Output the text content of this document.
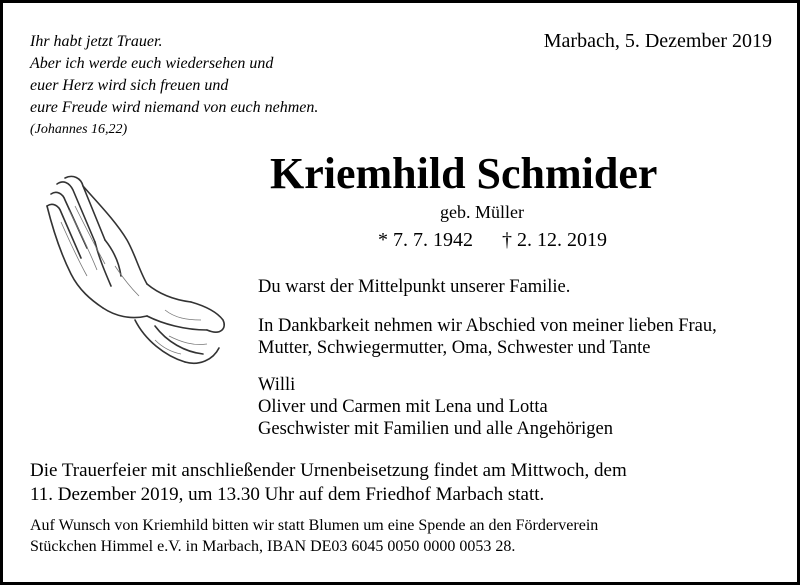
Ihr habt jetzt Trauer.
Aber ich werde euch wiedersehen und
euer Herz wird sich freuen und
eure Freude wird niemand von euch nehmen.
(Johannes 16,22)
Marbach, 5. Dezember 2019
Kriemhild Schmider
geb. Müller
* 7. 7. 1942 † 2. 12. 2019
Du warst der Mittelpunkt unserer Familie.
In Dankbarkeit nehmen wir Abschied von meiner lieben Frau,
Mutter, Schwiegermutter, Oma, Schwester und Tante
Willi
Oliver und Carmen mit Lena und Lotta
Geschwister mit Familien und alle Angehörigen
Die Trauerfeier mit anschließender Urnenbeisetzung findet am Mittwoch, dem
11. Dezember 2019, um 13.30 Uhr auf dem Friedhof Marbach statt.
Auf Wunsch von Kriemhild bitten wir statt Blumen um eine Spende an den Förderverein
Stückchen Himmel e.V. in Marbach, IBAN DE03 6045 0050 0000 0053 28.
